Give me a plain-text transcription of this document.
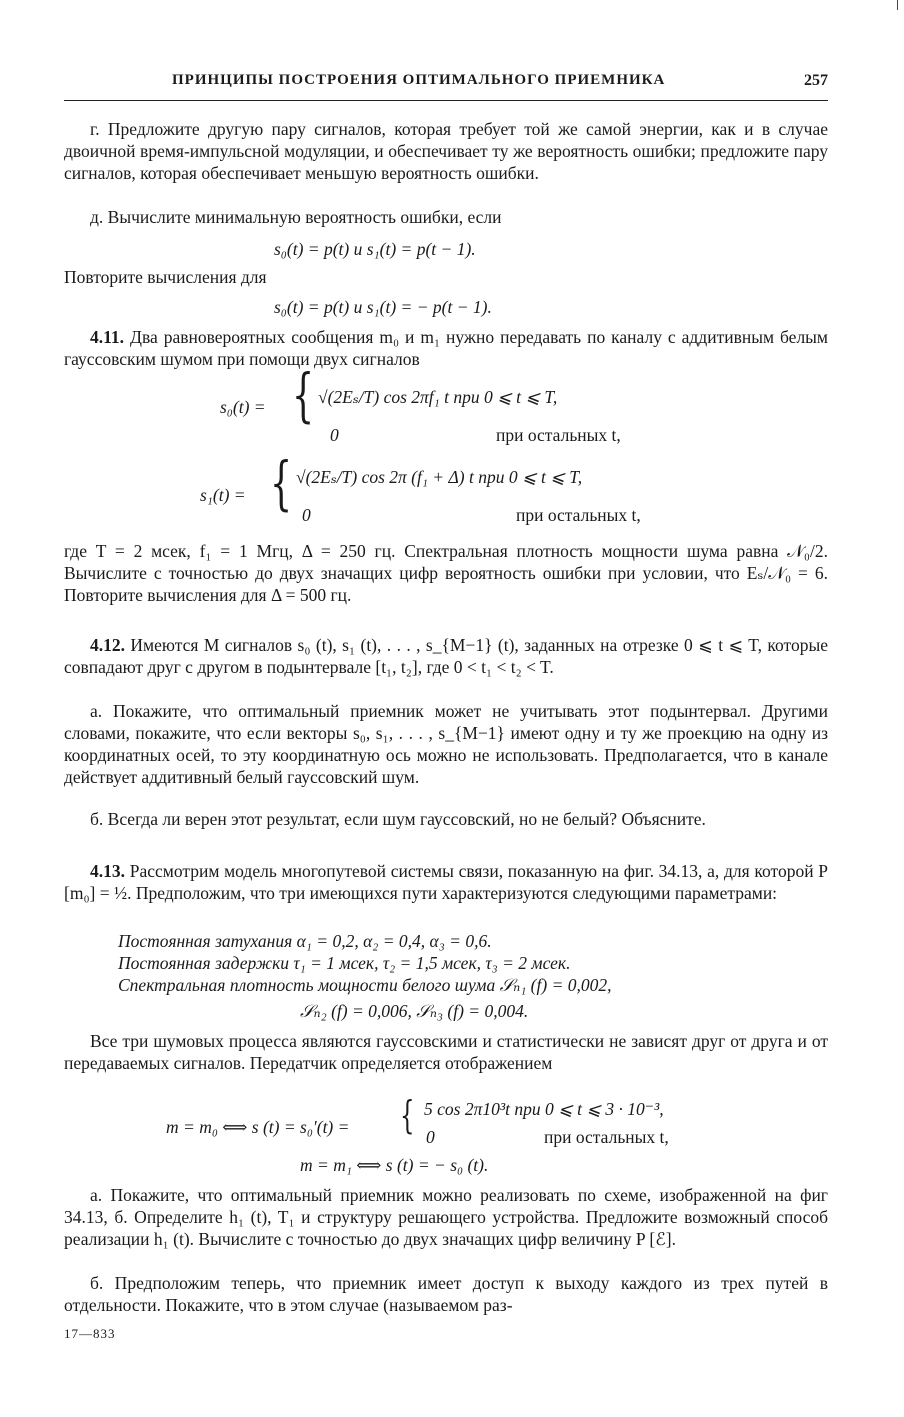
ПРИНЦИПЫ ПОСТРОЕНИЯ ОПТИМАЛЬНОГО ПРИЕМНИКА	257
г. Предложите другую пару сигналов, которая требует той же самой энергии, как и в случае двоичной время-импульсной модуляции, и обеспечивает ту же вероятность ошибки; предложите пару сигналов, которая обеспечивает меньшую вероятность ошибки.
д. Вычислите минимальную вероятность ошибки, если
s₀(t) = p(t) и s₁(t) = p(t − 1).
Повторите вычисления для
s₀(t) = p(t) и s₁(t) = − p(t − 1).
4.11. Два равновероятных сообщения m₀ и m₁ нужно передавать по каналу с аддитивным белым гауссовским шумом при помощи двух сигналов
s₀(t) = { √(2Eₛ/T) cos 2πf₁ t при 0 ⩽ t ⩽ T,
0	при остальных t,
s₁(t) = { √(2Eₛ/T) cos 2π (f₁ + Δ) t при 0 ⩽ t ⩽ T,
0	при остальных t,
где T = 2 мсек, f₁ = 1 Мгц, Δ = 250 гц. Спектральная плотность мощности шума равна 𝒩₀/2. Вычислите с точностью до двух значащих цифр вероятность ошибки при условии, что Eₛ/𝒩₀ = 6. Повторите вычисления для Δ = 500 гц.
4.12. Имеются M сигналов s₀ (t), s₁ (t), . . . , s_{M−1} (t), заданных на отрезке 0 ⩽ t ⩽ T, которые совпадают друг с другом в подынтервале [t₁, t₂], где 0 < t₁ < t₂ < T.
а. Покажите, что оптимальный приемник может не учитывать этот подынтервал. Другими словами, покажите, что если векторы s₀, s₁, . . . , s_{M−1} имеют одну и ту же проекцию на одну из координатных осей, то эту координатную ось можно не использовать. Предполагается, что в канале действует аддитивный белый гауссовский шум.
б. Всегда ли верен этот результат, если шум гауссовский, но не белый? Объясните.
4.13. Рассмотрим модель многопутевой системы связи, показанную на фиг. 34.13, а, для которой P [m₀] = ½. Предположим, что три имеющихся пути характеризуются следующими параметрами:
Постоянная затухания α₁ = 0,2, α₂ = 0,4, α₃ = 0,6.
Постоянная задержки τ₁ = 1 мсек, τ₂ = 1,5 мсек, τ₃ = 2 мсек.
Спектральная плотность мощности белого шума 𝒮ₙ₁ (f) = 0,002,
𝒮ₙ₂ (f) = 0,006, 𝒮ₙ₃ (f) = 0,004.
Все три шумовых процесса являются гауссовскими и статистически не зависят друг от друга и от передаваемых сигналов. Передатчик определяется отображением
m = m₀ ⟺ s (t) = s₀′(t) = { 5 cos 2π10³t при 0 ⩽ t ⩽ 3 · 10⁻³,
0	при остальных t,
m = m₁ ⟺ s (t) = − s₀ (t).
а. Покажите, что оптимальный приемник можно реализовать по схеме, изображенной на фиг 34.13, б. Определите h₁ (t), T₁ и структуру решающего устройства. Предложите возможный способ реализации h₁ (t). Вычислите с точностью до двух значащих цифр величину P [ℰ].
б. Предположим теперь, что приемник имеет доступ к выходу каждого из трех путей в отдельности. Покажите, что в этом случае (называемом раз-
17—833
